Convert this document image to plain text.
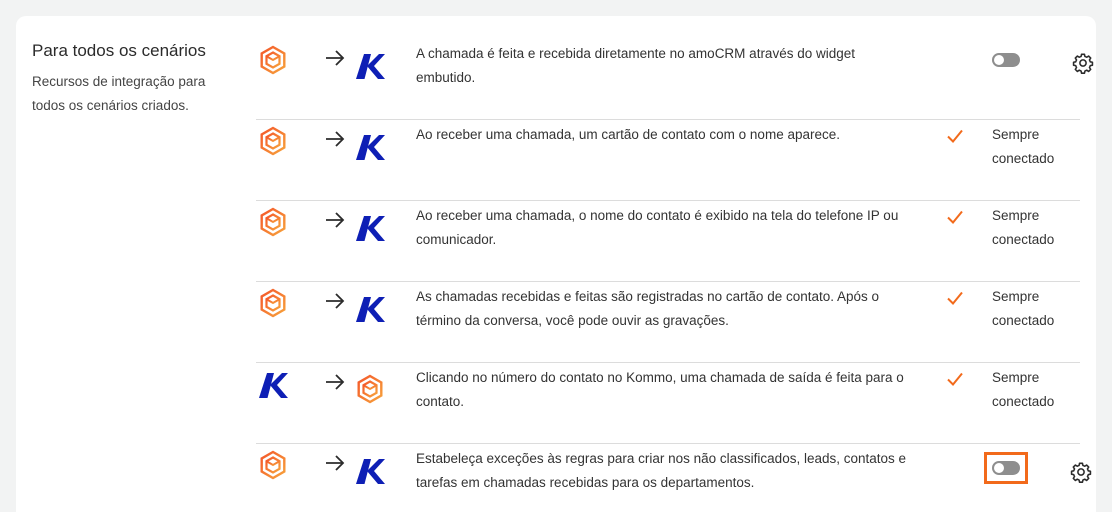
Para todos os cenários

Recursos de integração para todos os cenários criados.

A chamada é feita e recebida diretamente no amoCRM através do widget embutido.
Ao receber uma chamada, um cartão de contato com o nome aparece.	Sempre conectado
Ao receber uma chamada, o nome do contato é exibido na tela do telefone IP ou comunicador.
Sempre conectado
As chamadas recebidas e feitas são registradas no cartão de contato. Após o término da conversa, você pode ouvir as gravações.
Sempre conectado
Clicando no número do contato no Kommo, uma chamada de saída é feita para o contato.
Sempre conectado
Estabeleça exceções às regras para criar nos não classificados, leads, contatos e tarefas em chamadas recebidas para os departamentos.
